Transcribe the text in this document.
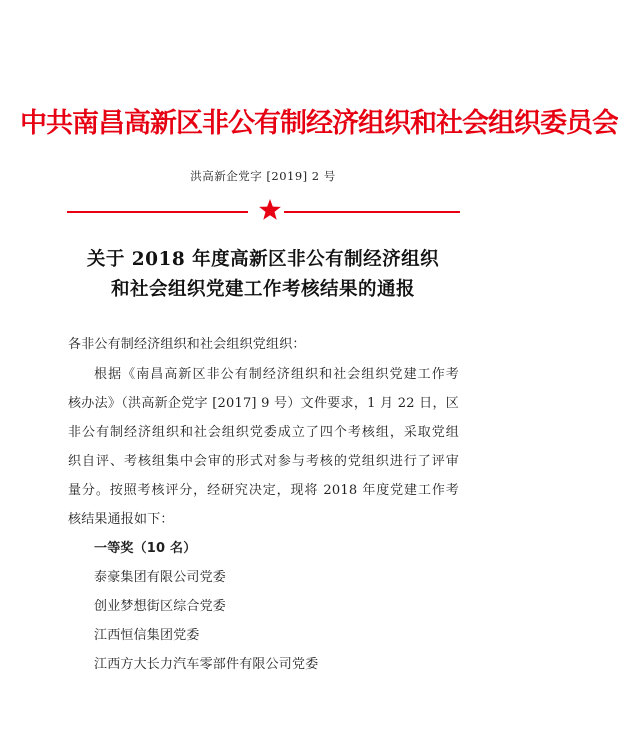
中共南昌高新区非公有制经济组织和社会组织委员会
洪高新企党字 [2019] 2 号
关于 2018 年度高新区非公有制经济组织
和社会组织党建工作考核结果的通报
各非公有制经济组织和社会组织党组织：
根据《南昌高新区非公有制经济组织和社会组织党建工作考
核办法》（洪高新企党字 [2017] 9 号）文件要求，1 月 22 日，区
非公有制经济组织和社会组织党委成立了四个考核组，采取党组
织自评、考核组集中会审的形式对参与考核的党组织进行了评审
量分。按照考核评分，经研究决定，现将 2018 年度党建工作考
核结果通报如下：
一等奖（10 名）
泰豪集团有限公司党委
创业梦想街区综合党委
江西恒信集团党委
江西方大长力汽车零部件有限公司党委
